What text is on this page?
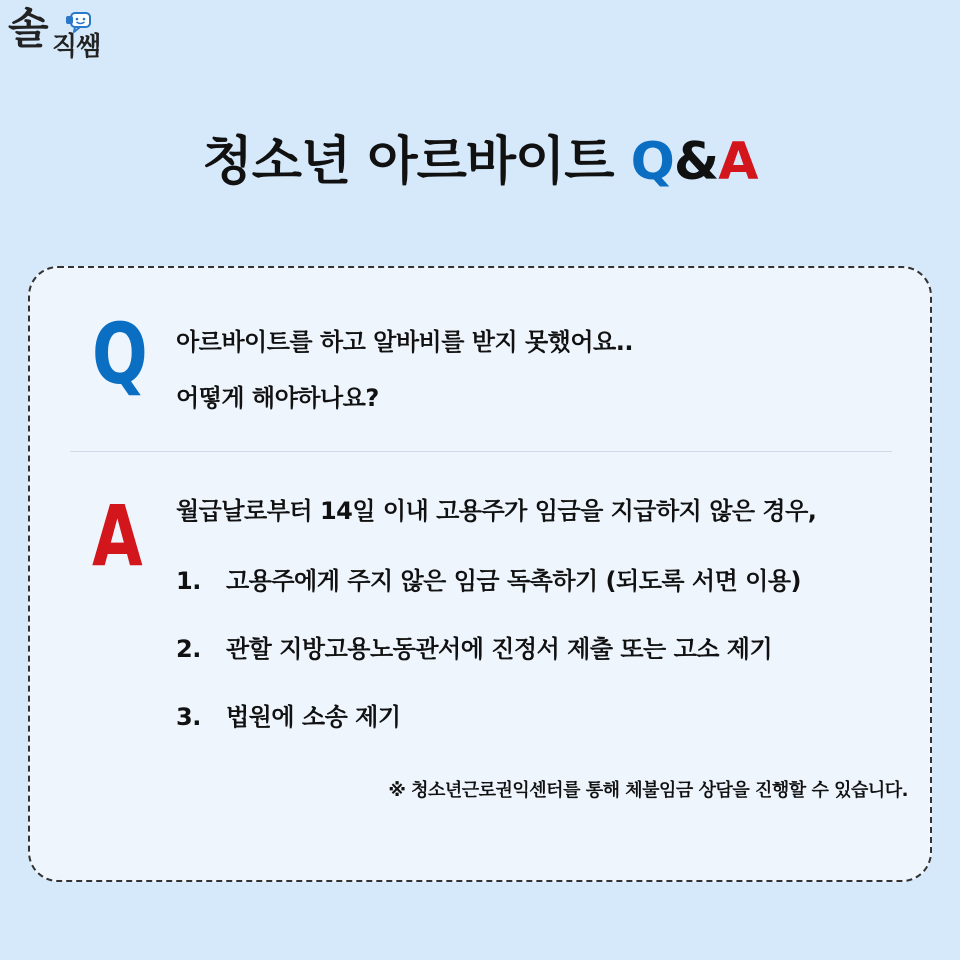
솔 직쌤
청소년 아르바이트 Q&A
Q 아르바이트를 하고 알바비를 받지 못했어요..
어떻게 해야하나요?
A 월급날로부터 14일 이내 고용주가 임금을 지급하지 않은 경우,
1. 고용주에게 주지 않은 임금 독촉하기 (되도록 서면 이용)
2. 관할 지방고용노동관서에 진정서 제출 또는 고소 제기
3. 법원에 소송 제기
※ 청소년근로권익센터를 통해 체불임금 상담을 진행할 수 있습니다.
